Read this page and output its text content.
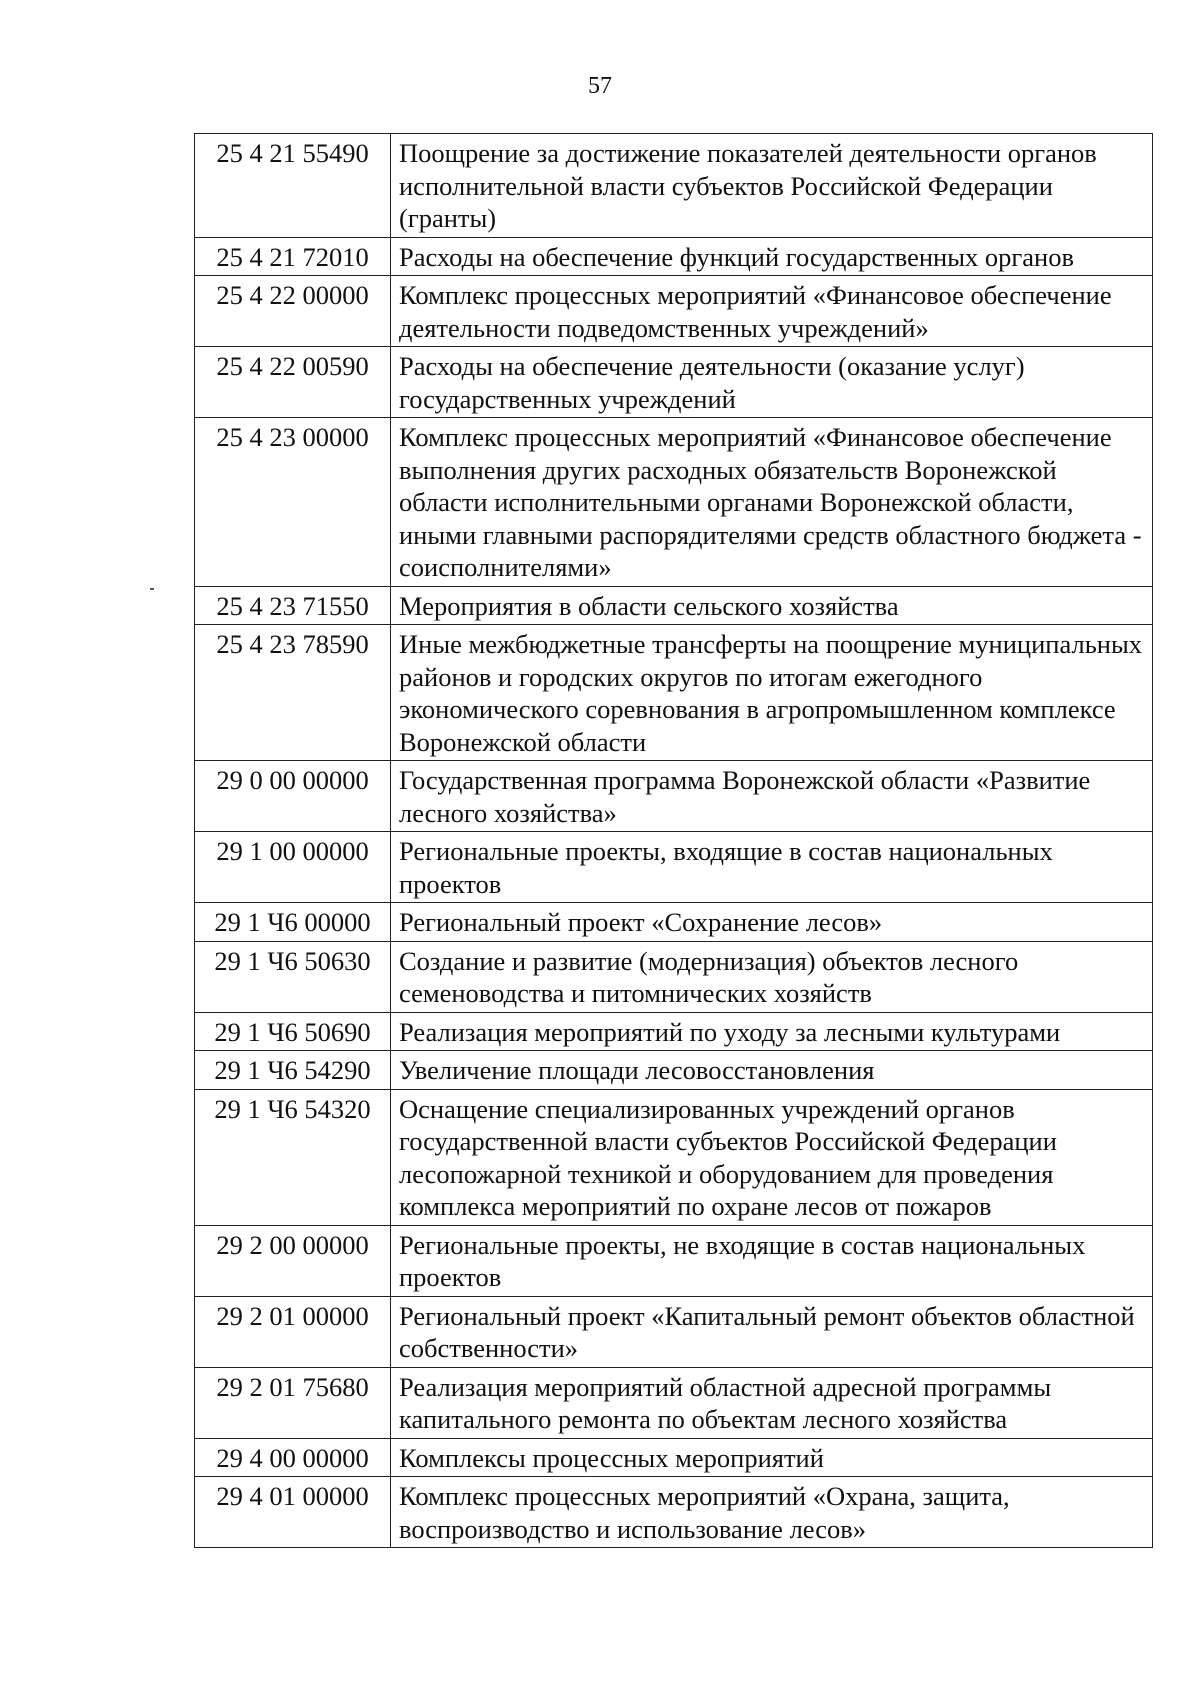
57
25 4 21 55490	Поощрение за достижение показателей деятельности органов исполнительной власти субъектов Российской Федерации (гранты)
25 4 21 72010	Расходы на обеспечение функций государственных органов
25 4 22 00000	Комплекс процессных мероприятий «Финансовое обеспечение деятельности подведомственных учреждений»
25 4 22 00590	Расходы на обеспечение деятельности (оказание услуг) государственных учреждений
25 4 23 00000	Комплекс процессных мероприятий «Финансовое обеспечение выполнения других расходных обязательств Воронежской области исполнительными органами Воронежской области, иными главными распорядителями средств областного бюджета - соисполнителями»
25 4 23 71550	Мероприятия в области сельского хозяйства
25 4 23 78590	Иные межбюджетные трансферты на поощрение муниципальных районов и городских округов по итогам ежегодного экономического соревнования в агропромышленном комплексе Воронежской области
29 0 00 00000	Государственная программа Воронежской области «Развитие лесного хозяйства»
29 1 00 00000	Региональные проекты, входящие в состав национальных проектов
29 1 Ч6 00000	Региональный проект «Сохранение лесов»
29 1 Ч6 50630	Создание и развитие (модернизация) объектов лесного семеноводства и питомнических хозяйств
29 1 Ч6 50690	Реализация мероприятий по уходу за лесными культурами
29 1 Ч6 54290	Увеличение площади лесовосстановления
29 1 Ч6 54320	Оснащение специализированных учреждений органов государственной власти субъектов Российской Федерации лесопожарной техникой и оборудованием для проведения комплекса мероприятий по охране лесов от пожаров
29 2 00 00000	Региональные проекты, не входящие в состав национальных проектов
29 2 01 00000	Региональный проект «Капитальный ремонт объектов областной собственности»
29 2 01 75680	Реализация мероприятий областной адресной программы капитального ремонта по объектам лесного хозяйства
29 4 00 00000	Комплексы процессных мероприятий
29 4 01 00000	Комплекс процессных мероприятий «Охрана, защита, воспроизводство и использование лесов»
